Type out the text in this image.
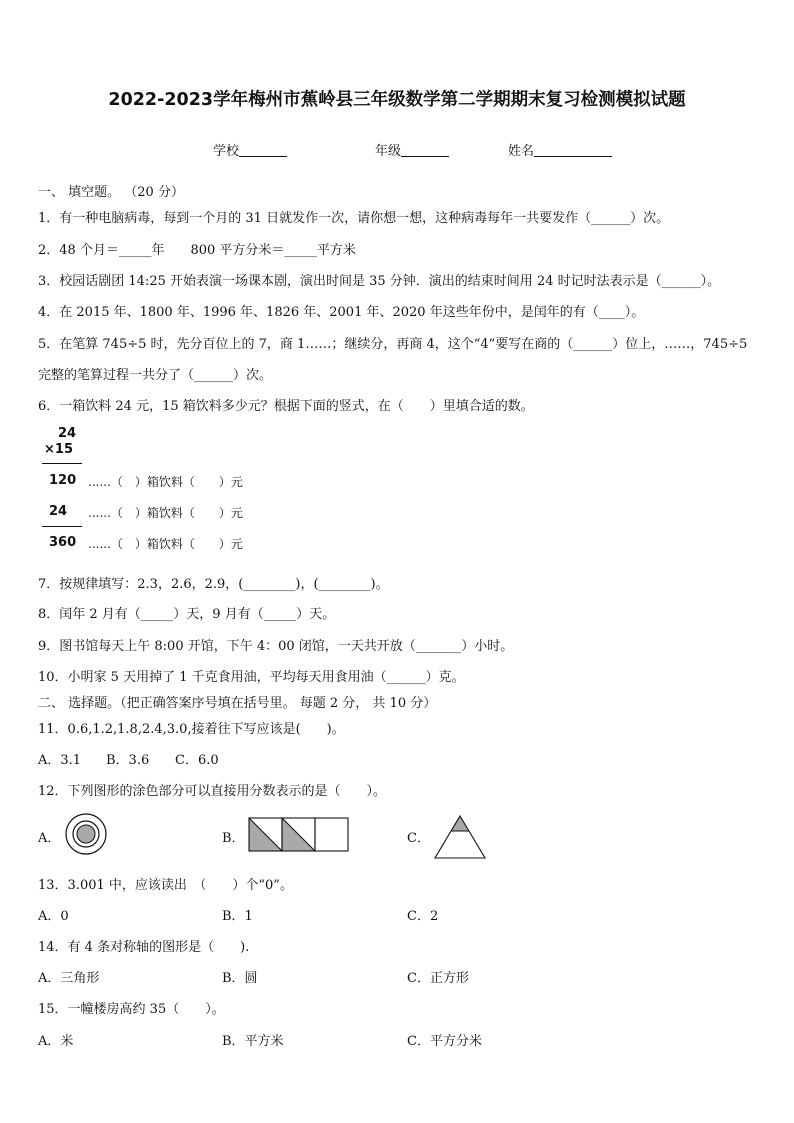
2022-2023学年梅州市蕉岭县三年级数学第二学期期末复习检测模拟试题
学校	年级	姓名
一、 填空题。 （20 分）
1．有一种电脑病毒，每到一个月的 31 日就发作一次，请你想一想，这种病毒每年一共要发作（______）次。
2．48 个月＝_____年　　800 平方分米＝_____平方米
3．校园话剧团 14:25 开始表演一场课本剧，演出时间是 35 分钟．演出的结束时间用 24 时记时法表示是（______）。
4．在 2015 年、1800 年、1996 年、1826 年、2001 年、2020 年这些年份中，是闰年的有（____）。
5．在笔算 745÷5 时，先分百位上的 7，商 1……；继续分，再商 4，这个“4”要写在商的（______）位上，……，745÷5
完整的笔算过程一共分了（______）次。
6．一箱饮料 24 元，15 箱饮料多少元？根据下面的竖式，在（　　）里填合适的数。
24
×15
120 ......（　）箱饮料（　　）元
24 ......（　）箱饮料（　　）元
360 ......（　）箱饮料（　　）元
7．按规律填写：2.3，2.6，2.9，(________)，(________)。
8．闰年 2 月有（_____）天，9 月有（_____）天。
9．图书馆每天上午 8:00 开馆，下午 4：00 闭馆，一天共开放（_______）小时。
10．小明家 5 天用掉了 1 千克食用油，平均每天用食用油（______）克。
二、 选择题。（把正确答案序号填在括号里。 每题 2 分， 共 10 分）
11．0.6,1.2,1.8,2.4,3.0,接着往下写应该是(　　)。
A．3.1 B．3.6 C．6.0
12．下列图形的涂色部分可以直接用分数表示的是（　　）。
A．	B．	C．
13．3.001 中，应该读出　（　　）个“0”。
A．0	B．1	C．2
14．有 4 条对称轴的图形是（　　).
A．三角形	B．圆	C．正方形
15．一幢楼房高约 35（　　）。
A．米	B．平方米	C．平方分米
